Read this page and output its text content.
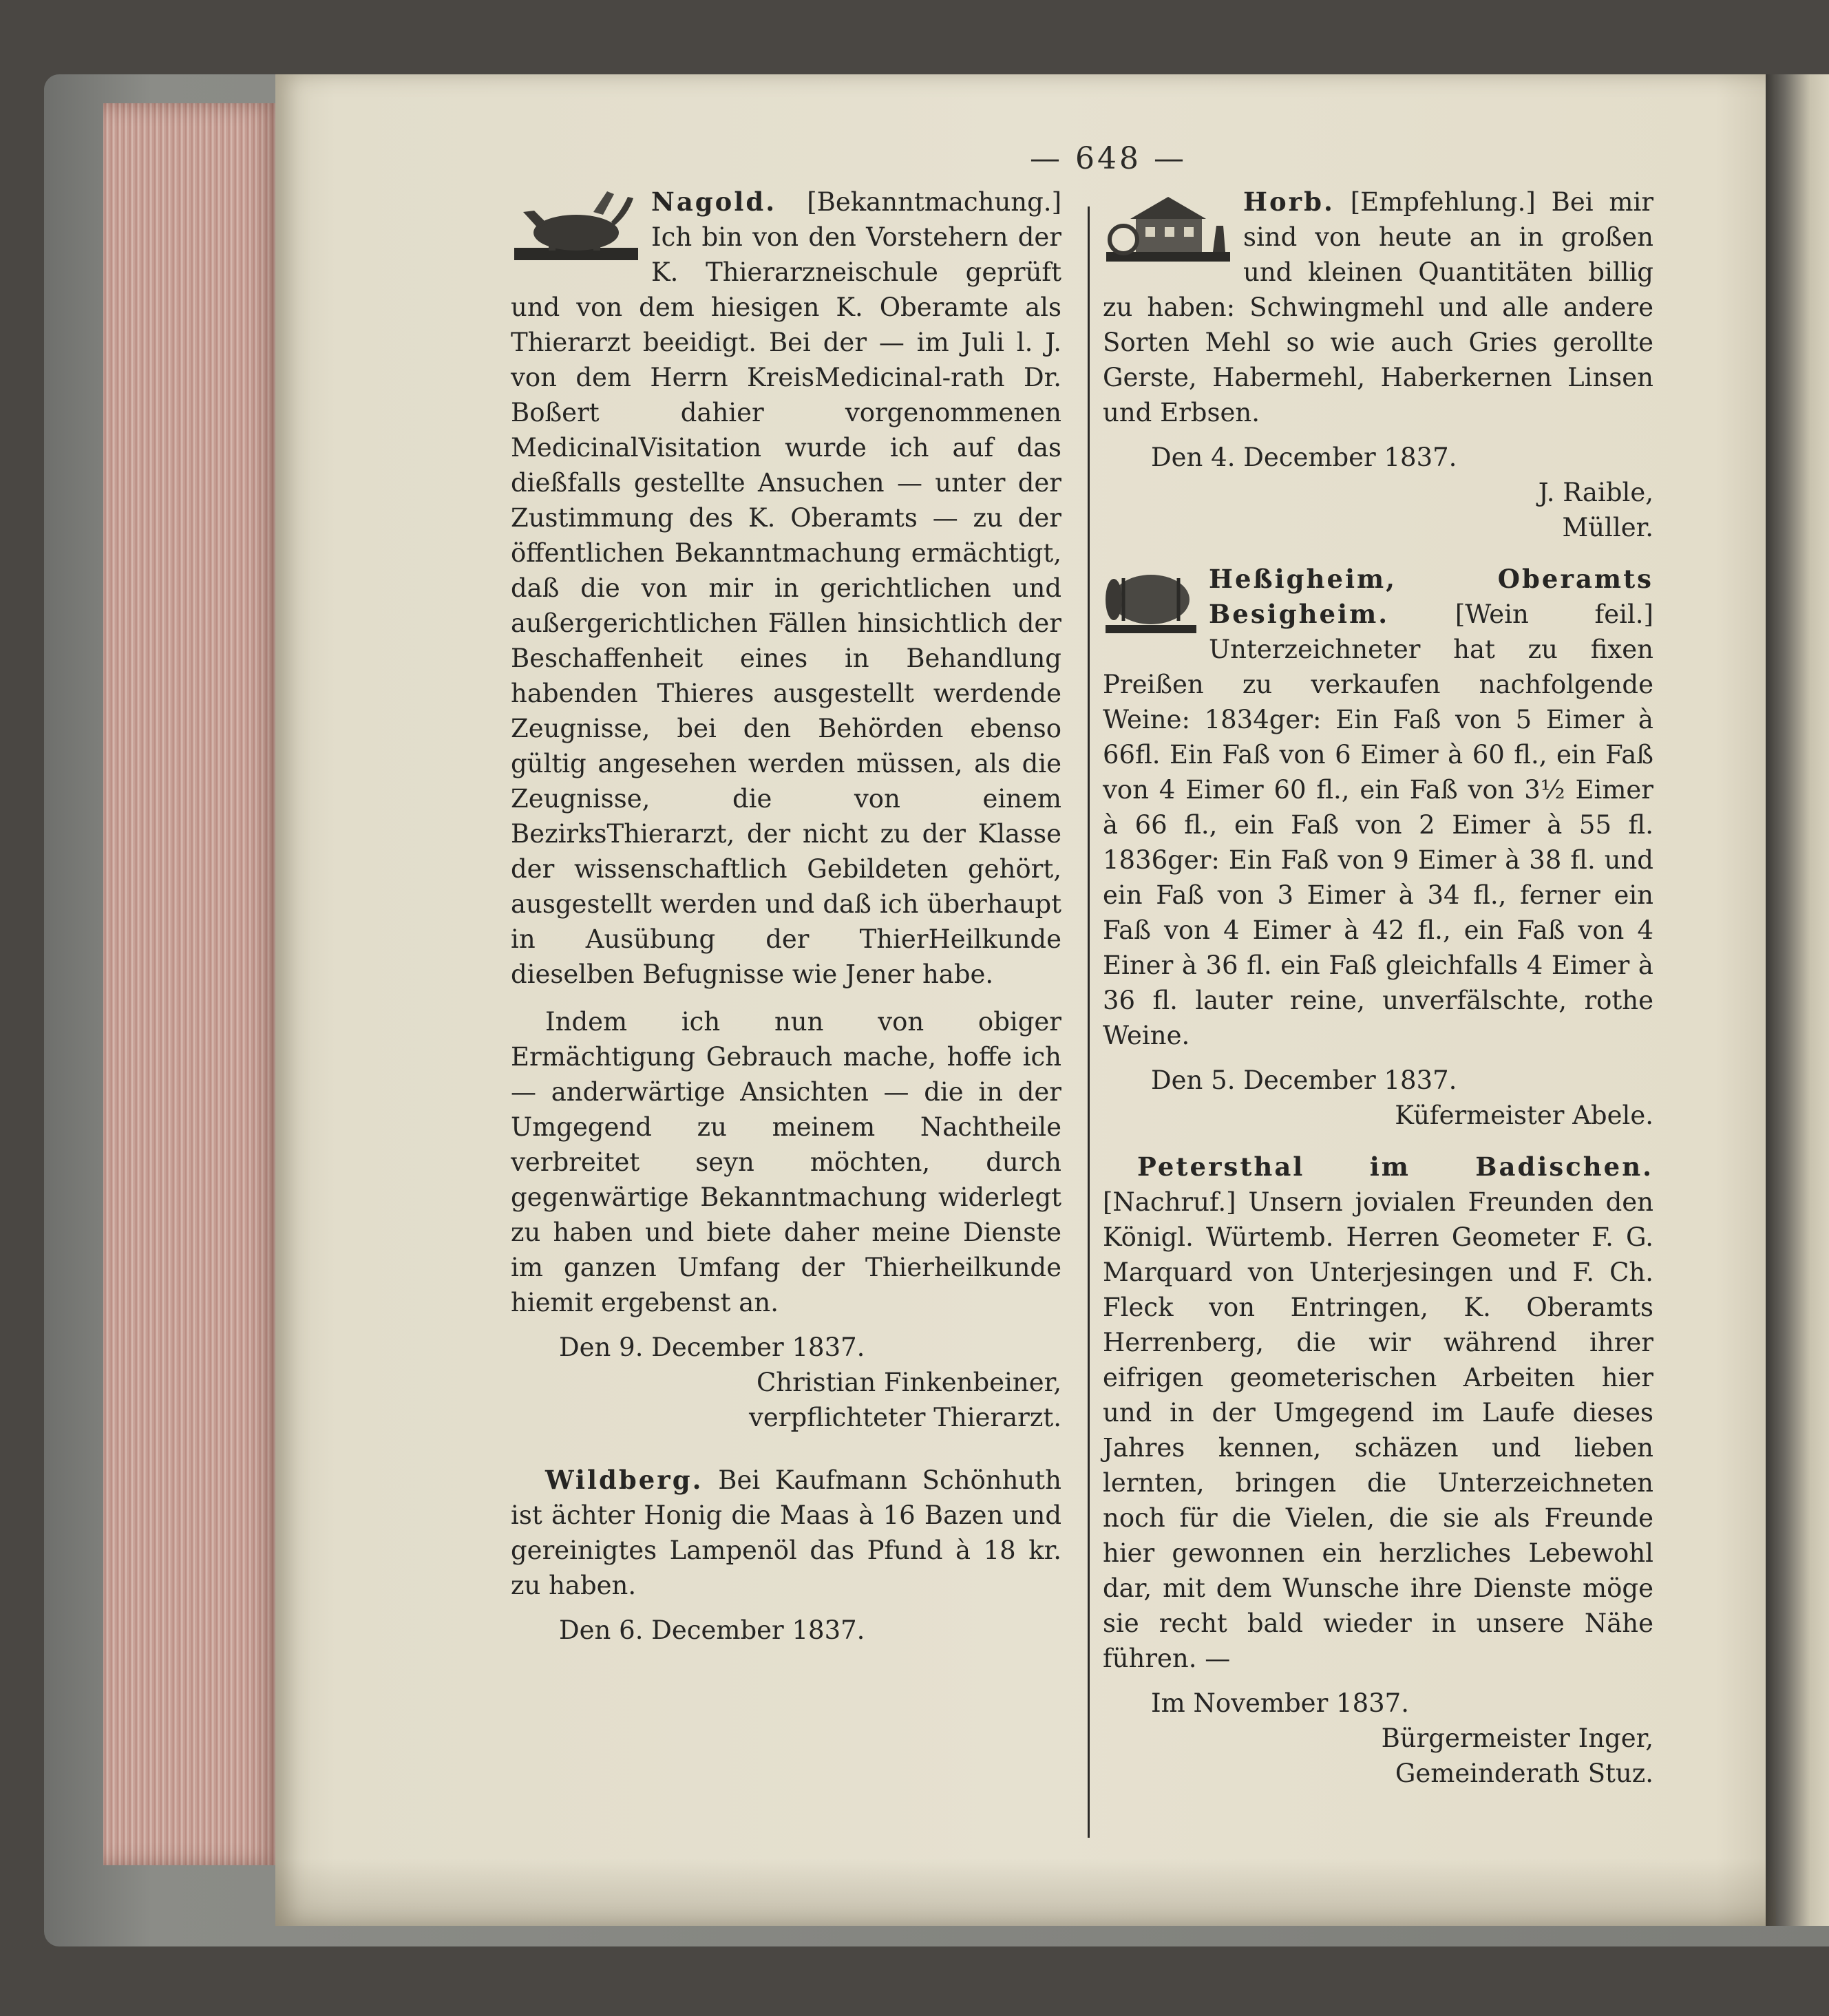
— 648 —

Nagold. [Bekanntmachung.] Ich bin von den Vorstehern der K. Thierarzneischule geprüft und von dem hiesigen K. Oberamte als Thierarzt beeidigt. Bei der — im Juli l. J. von dem Herrn KreisMedicinal-rath Dr. Boßert dahier vorgenommenen MedicinalVisitation wurde ich auf das dießfalls gestellte Ansuchen — unter der Zustimmung des K. Oberamts — zu der öffentlichen Bekanntmachung ermächtigt, daß die von mir in gerichtlichen und außergerichtlichen Fällen hinsichtlich der Beschaffenheit eines in Behandlung habenden Thieres ausgestellt werdende Zeugnisse, bei den Behörden ebenso gültig angesehen werden müssen, als die Zeugnisse, die von einem BezirksThierarzt, der nicht zu der Klasse der wissenschaftlich Gebildeten gehört, ausgestellt werden und daß ich überhaupt in Ausübung der ThierHeilkunde dieselben Befugnisse wie Jener habe.

Indem ich nun von obiger Ermächtigung Gebrauch mache, hoffe ich — anderwärtige Ansichten — die in der Umgegend zu meinem Nachtheile verbreitet seyn möchten, durch gegenwärtige Bekanntmachung widerlegt zu haben und biete daher meine Dienste im ganzen Umfang der Thierheilkunde hiemit ergebenst an.

Den 9. December 1837.

Christian Finkenbeiner,

verpflichteter Thierarzt.

Wildberg. Bei Kaufmann Schönhuth ist ächter Honig die Maas à 16 Bazen und gereinigtes Lampenöl das Pfund à 18 kr. zu haben.

Den 6. December 1837.

Horb. [Empfehlung.] Bei mir sind von heute an in großen und kleinen Quantitäten billig zu haben: Schwingmehl und alle andere Sorten Mehl so wie auch Gries gerollte Gerste, Habermehl, Haberkernen Linsen und Erbsen.

Den 4. December 1837.

J. Raible,

Müller.

Heßigheim, Oberamts Besigheim.	[Wein feil.] Unterzeichneter hat zu fixen Preißen zu verkaufen nachfolgende Weine: 1834ger: Ein Faß von 5 Eimer à 66fl. Ein Faß von 6 Eimer à 60 fl., ein Faß von 4 Eimer 60 fl., ein Faß von 3½ Eimer à 66 fl., ein Faß von 2 Eimer à 55 fl. 1836ger: Ein Faß von 9 Eimer à 38 fl. und ein Faß von 3 Eimer à 34 fl., ferner ein Faß von 4 Eimer à 42 fl., ein Faß von 4 Einer à 36 fl. ein Faß gleichfalls 4 Eimer à 36 fl. lauter reine, unverfälschte, rothe Weine.

Den 5. December 1837.

Küfermeister Abele.

Petersthal im Badischen. [Nachruf.] Unsern jovialen Freunden den Königl. Würtemb. Herren Geometer F. G. Marquard von Unterjesingen und F. Ch. Fleck von Entringen, K. Oberamts Herrenberg, die wir während ihrer eifrigen geometerischen Arbeiten hier und in der Umgegend im Laufe dieses Jahres kennen, schäzen und lieben lernten, bringen die Unterzeichneten noch für die Vielen, die sie als Freunde hier gewonnen ein herzliches Lebewohl dar, mit dem Wunsche ihre Dienste möge sie recht bald wieder in unsere Nähe führen. —

Im November 1837.

Bürgermeister Inger,

Gemeinderath Stuz.
